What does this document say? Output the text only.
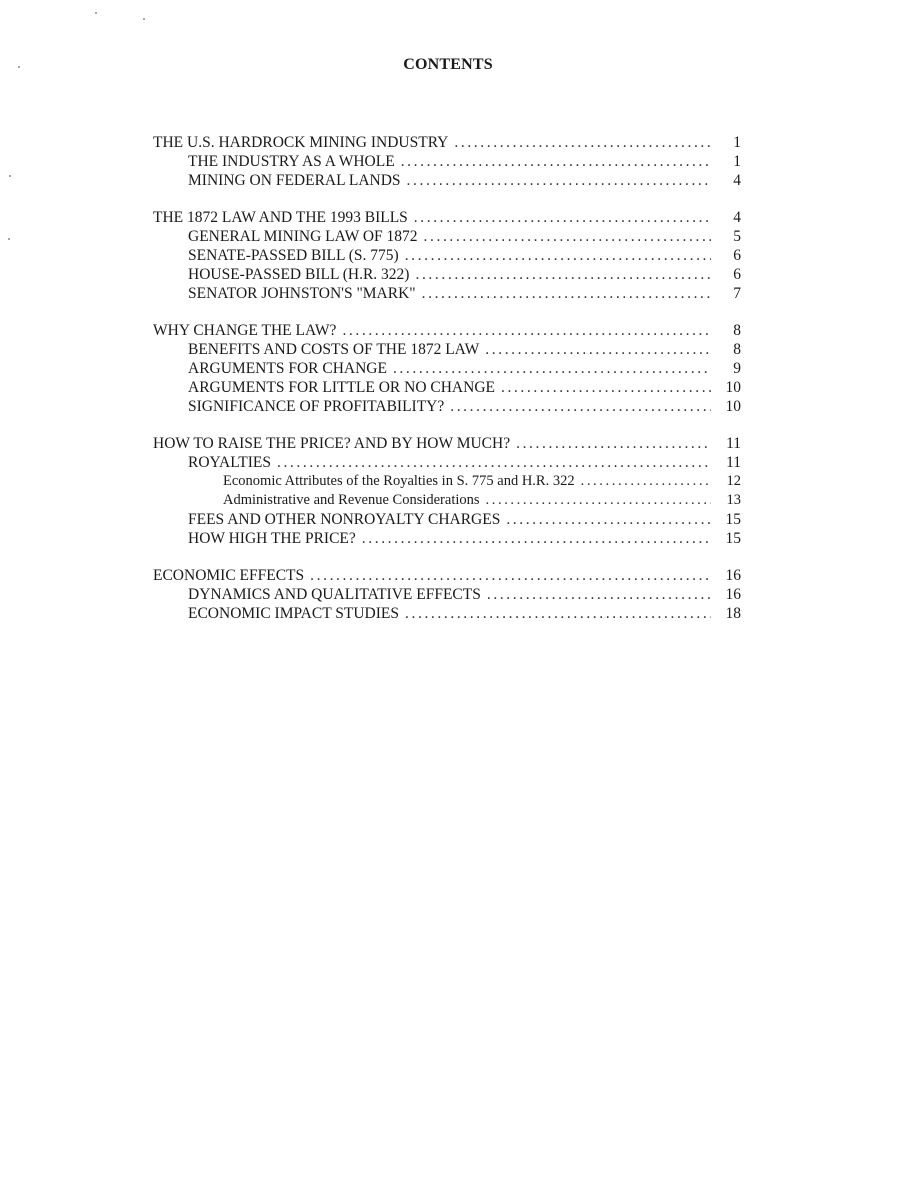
CONTENTS
THE U.S. HARDROCK MINING INDUSTRY .....	1
THE INDUSTRY AS A WHOLE .....	1
MINING ON FEDERAL LANDS .....	4
THE 1872 LAW AND THE 1993 BILLS .....	4
GENERAL MINING LAW OF 1872 .....	5
SENATE-PASSED BILL (S. 775) .....	6
HOUSE-PASSED BILL (H.R. 322) .....	6
SENATOR JOHNSTON'S "MARK" .....	7
WHY CHANGE THE LAW? .....	8
BENEFITS AND COSTS OF THE 1872 LAW .....	8
ARGUMENTS FOR CHANGE .....	9
ARGUMENTS FOR LITTLE OR NO CHANGE .....	10
SIGNIFICANCE OF PROFITABILITY? .....	10
HOW TO RAISE THE PRICE? AND BY HOW MUCH? .....	11
ROYALTIES .....	11
Economic Attributes of the Royalties in S. 775 and H.R. 322 .....	12
Administrative and Revenue Considerations .....	13
FEES AND OTHER NONROYALTY CHARGES .....	15
HOW HIGH THE PRICE? .....	15
ECONOMIC EFFECTS .....	16
DYNAMICS AND QUALITATIVE EFFECTS .....	16
ECONOMIC IMPACT STUDIES .....	18
